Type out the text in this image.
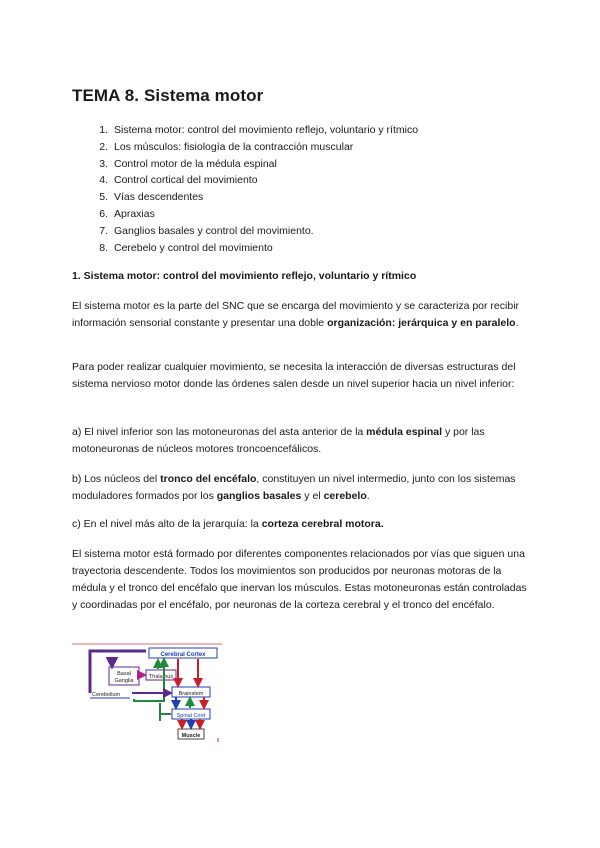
TEMA 8. Sistema motor
1. Sistema motor: control del movimiento reflejo, voluntario y rítmico
2. Los músculos: fisiología de la contracción muscular
3. Control motor de la médula espinal
4. Control cortical del movimiento
5. Vías descendentes
6. Apraxias
7. Ganglios basales y control del movimiento.
8. Cerebelo y control del movimiento
1. Sistema motor: control del movimiento reflejo, voluntario y rítmico

El sistema motor es la parte del SNC que se encarga del movimiento y se caracteriza por recibir información sensorial constante y presentar una doble organización: jerárquica y en paralelo.

Para poder realizar cualquier movimiento, se necesita la interacción de diversas estructuras del sistema nervioso motor donde las órdenes salen desde un nivel superior hacia un nivel inferior:

a) El nivel inferior son las motoneuronas del asta anterior de la médula espinal y por las motoneuronas de núcleos motores troncoencefálicos.

b) Los núcleos del tronco del encéfalo, constituyen un nivel intermedio, junto con los sistemas moduladores formados por los ganglios basales y el cerebelo.

c) En el nivel más alto de la jerarquía: la corteza cerebral motora.

El sistema motor está formado por diferentes componentes relacionados por vías que siguen una trayectoria descendente. Todos los movimientos son producidos por neuronas motoras de la médula y el tronco del encéfalo que inervan los músculos. Estas motoneuronas están controladas y coordinadas por el encéfalo, por neuronas de la corteza cerebral y el tronco del encéfalo.

Cerebral Cortex
Basal
Ganglia
Thalamus
Cerebellum	Brainstem
Spinal Cord
Muscle
